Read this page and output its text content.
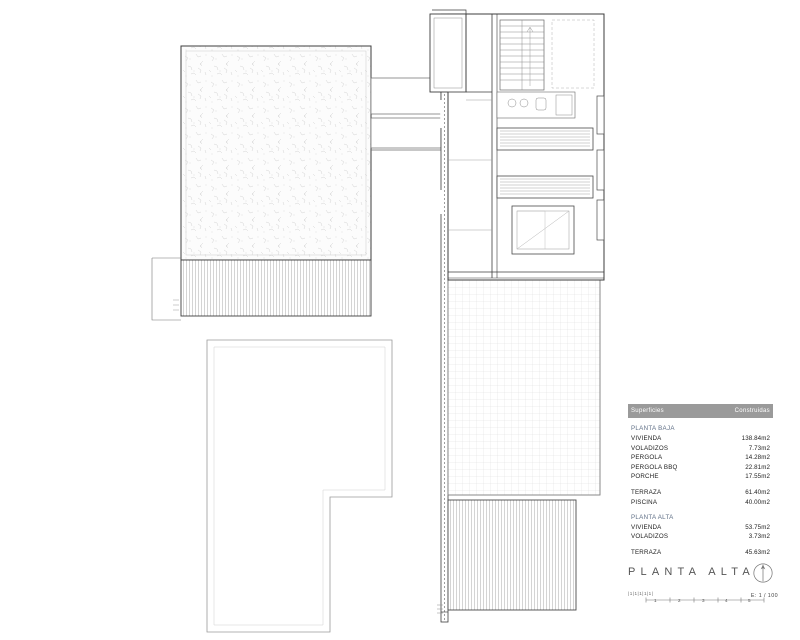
Superficies	Construidas
PLANTA BAJA
VIVIENDA	138.84m2
VOLADIZOS	7.73m2
PERGOLA	14.28m2
PERGOLA BBQ	22.81m2
PORCHE	17.55m2
TERRAZA	61.40m2
PISCINA	40.00m2
PLANTA ALTA
VIVIENDA	53.75m2
VOLADIZOS	3.73m2
TERRAZA	45.63m2
PLANTA ALTA
|1|1|1|1|1|	E: 1 / 100
1	2	3	4	5
